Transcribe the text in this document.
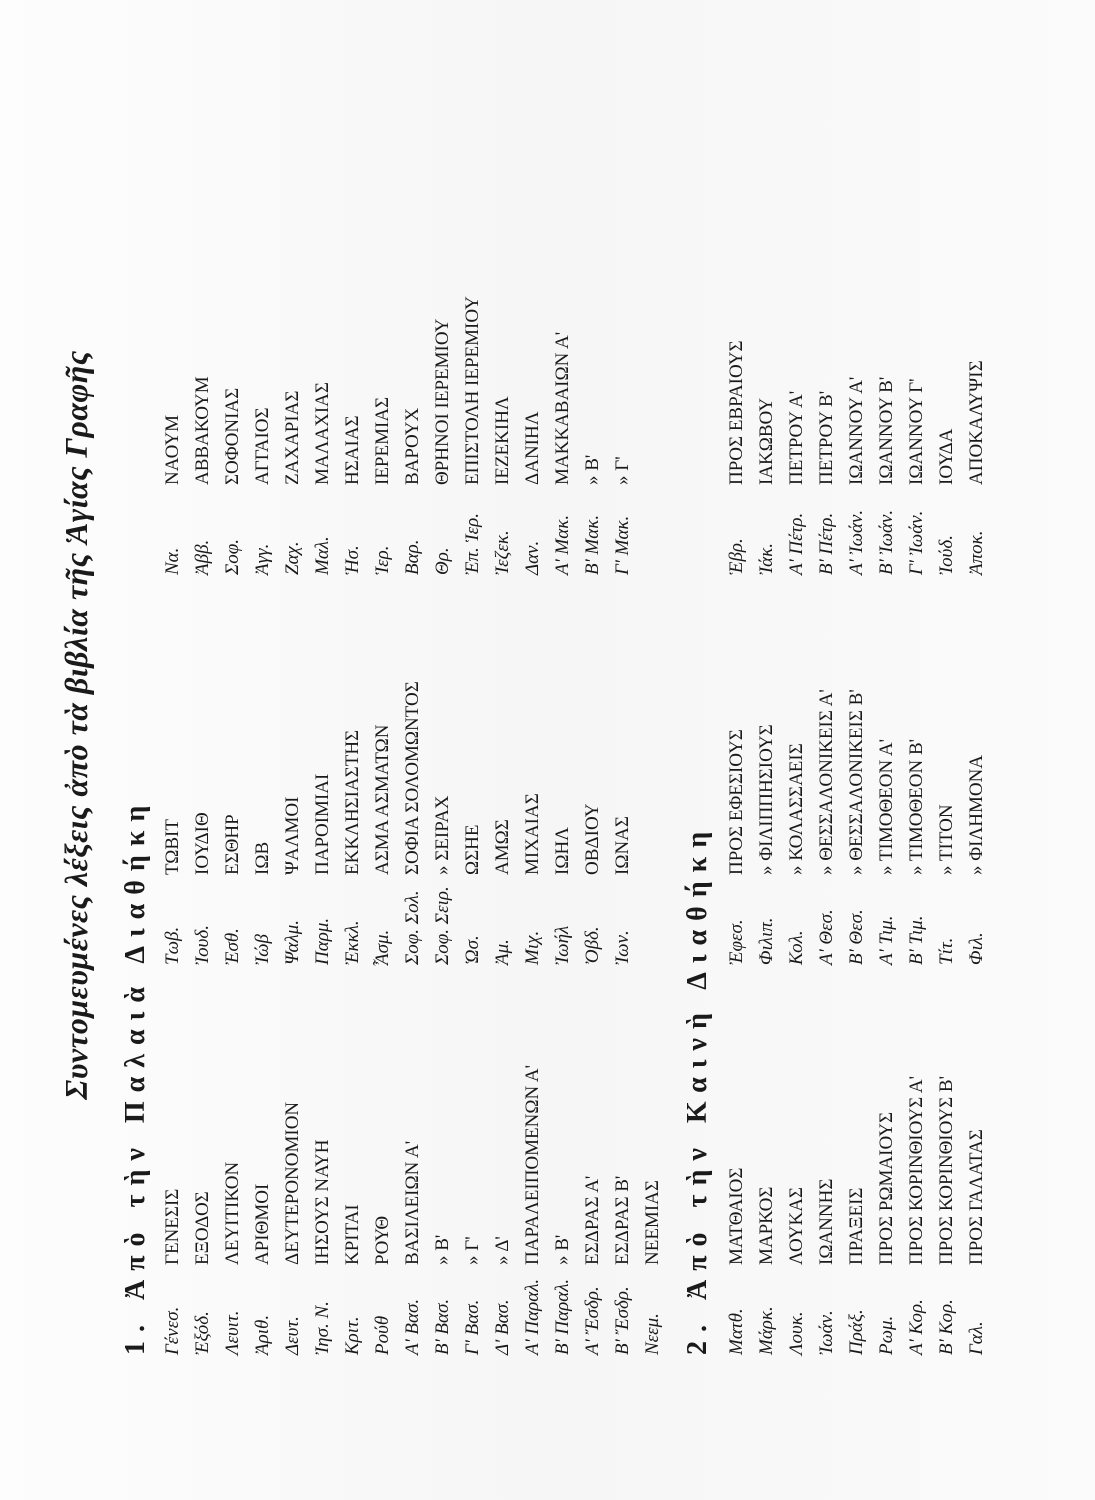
Συντομευμένες λέξεις ἀπὸ τὰ βιβλία τῆς Ἁγίας Γραφῆς 1. Ἀπὸ τὴν Παλαιὰ Διαθήκη Γένεσ. Ἐξόδ. Λευιτ. Ἀριθ. Δευτ. Ἰησ. Ν. Κριτ. Ρούθ Α' Βασ. Β' Βασ. Γ' Βασ. Δ' Βασ. Α' Παραλ. Β' Παραλ. Α' Ἔσδρ. Β' Ἔσδρ. Νεεμ.
ΓΕΝΕΣΙΣ ΕΞΟΔΟΣ ΛΕΥΙΤΙΚΟΝ ΑΡΙΘΜΟΙ ΔΕΥΤΕΡΟΝΟΜΙΟΝ ΙΗΣΟΥΣ ΝΑΥΗ ΚΡΙΤΑΙ ΡΟΥΘ ΒΑΣΙΛΕΙΩΝ Α' » Β' » Γ' » Δ' ΠΑΡΑΛΕΙΠΟΜΕΝΩΝ Α' » Β' ΕΣΔΡΑΣ Α' ΕΣΔΡΑΣ Β' ΝΕΕΜΙΑΣ
Τωβ. Ἰουδ. Ἐσθ. Ἰώβ Ψαλμ. Παρμ. Ἐκκλ. Ἆσμ. Σοφ. Σολ. Σοφ. Σειρ. Ὡσ. Ἀμ. Μιχ. Ἰωήλ Ὀβδ. Ἰων.
ΤΩΒΙΤ ΙΟΥΔΙΘ ΕΣΘΗΡ ΙΩΒ ΨΑΛΜΟΙ ΠΑΡΟΙΜΙΑΙ ΕΚΚΛΗΣΙΑΣΤΗΣ ΑΣΜΑ ΑΣΜΑΤΩΝ ΣΟΦΙΑ ΣΟΛΟΜΩΝΤΟΣ » ΣΕΙΡΑΧ ΩΣΗΕ ΑΜΩΣ ΜΙΧΑΙΑΣ ΙΩΗΛ ΟΒΔΙΟΥ ΙΩΝΑΣ
Να. Ἀββ. Σοφ. Ἀγγ. Ζαχ. Μαλ. Ἡσ. Ἱερ. Βαρ. Θρ. Ἐπ. Ἱερ. Ἰεζεκ. Δαν. Α' Μακ. Β' Μακ. Γ' Μακ.
ΝΑΟΥΜ ΑΒΒΑΚΟΥΜ ΣΟΦΟΝΙΑΣ ΑΓΓΑΙΟΣ ΖΑΧΑΡΙΑΣ ΜΑΛΑΧΙΑΣ ΗΣΑΙΑΣ ΙΕΡΕΜΙΑΣ ΒΑΡΟΥΧ ΘΡΗΝΟΙ ΙΕΡΕΜΙΟΥ ΕΠΙΣΤΟΛΗ ΙΕΡΕΜΙΟΥ ΙΕΖΕΚΙΗΛ ΔΑΝΙΗΛ ΜΑΚΚΑΒΑΙΩΝ Α' » Β' » Γ'
2. Ἀπὸ τὴν Καινὴ Διαθήκη Ματθ. Μάρκ. Λουκ. Ἰωάν. Πράξ. Ρωμ. Α' Κορ. Β' Κορ. Γαλ.
ΜΑΤΘΑΙΟΣ ΜΑΡΚΟΣ ΛΟΥΚΑΣ ΙΩΑΝΝΗΣ ΠΡΑΞΕΙΣ ΠΡΟΣ ΡΩΜΑΙΟΥΣ ΠΡΟΣ ΚΟΡΙΝΘΙΟΥΣ Α' ΠΡΟΣ ΚΟΡΙΝΘΙΟΥΣ Β' ΠΡΟΣ ΓΑΛΑΤΑΣ
Ἐφεσ. Φιλιπ. Κολ. Α' Θεσ. Β' Θεσ. Α' Τιμ. Β' Τιμ. Τίτ. Φιλ.
ΠΡΟΣ ΕΦΕΣΙΟΥΣ » ΦΙΛΙΠΠΗΣΙΟΥΣ » ΚΟΛΑΣΣΑΕΙΣ » ΘΕΣΣΑΛΟΝΙΚΕΙΣ Α' » ΘΕΣΣΑΛΟΝΙΚΕΙΣ Β' » ΤΙΜΟΘΕΟΝ Α' » ΤΙΜΟΘΕΟΝ Β' » ΤΙΤΟΝ » ΦΙΛΗΜΟΝΑ
Ἑβρ. Ἰάκ. Α' Πέτρ. Β' Πέτρ. Α' Ἰωάν. Β' Ἰωάν. Γ' Ἰωάν. Ἰούδ. Ἀποκ.
ΠΡΟΣ ΕΒΡΑΙΟΥΣ ΙΑΚΩΒΟΥ ΠΕΤΡΟΥ Α' ΠΕΤΡΟΥ Β' ΙΩΑΝΝΟΥ Α' ΙΩΑΝΝΟΥ Β' ΙΩΑΝΝΟΥ Γ' ΙΟΥΔΑ ΑΠΟΚΑΛΥΨΙΣ
